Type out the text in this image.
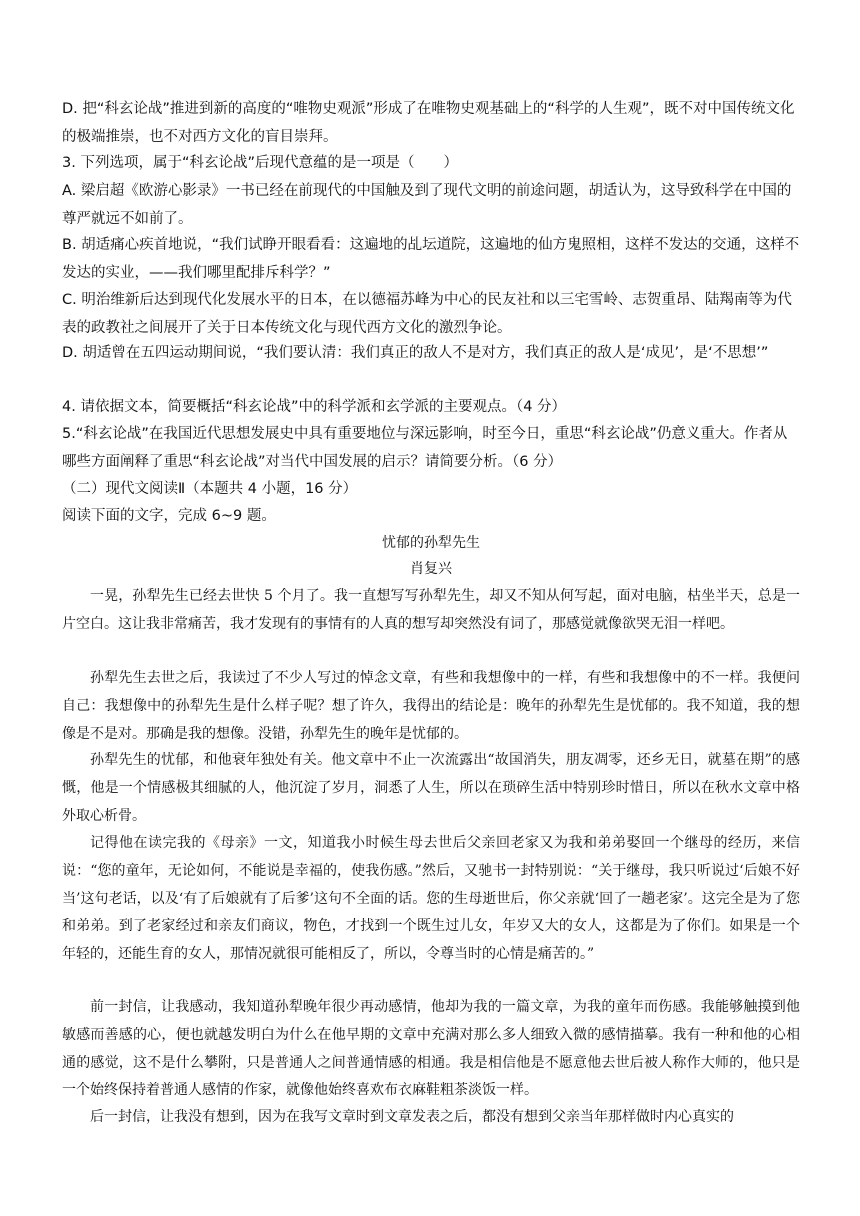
D. 把“科玄论战”推进到新的高度的“唯物史观派”形成了在唯物史观基础上的“科学的人生观”，既不对中国传统文化的极端推崇，也不对西方文化的盲目崇拜。

3. 下列选项，属于“科玄论战”后现代意蕴的是一项是（　　）

A. 梁启超《欧游心影录》一书已经在前现代的中国触及到了现代文明的前途问题，胡适认为，这导致科学在中国的尊严就远不如前了。

B. 胡适痛心疾首地说，“我们试睁开眼看看：这遍地的乩坛道院，这遍地的仙方鬼照相，这样不发达的交通，这样不发达的实业，——我们哪里配排斥科学？”

C. 明治维新后达到现代化发展水平的日本，在以德福苏峰为中心的民友社和以三宅雪岭、志贺重昂、陆羯南等为代表的政教社之间展开了关于日本传统文化与现代西方文化的激烈争论。

D. 胡适曾在五四运动期间说，“我们要认清：我们真正的敌人不是对方，我们真正的敌人是‘成见’，是‘不思想’”

4. 请依据文本，简要概括“科玄论战”中的科学派和玄学派的主要观点。（4 分）

5.“科玄论战”在我国近代思想发展史中具有重要地位与深远影响，时至今日，重思“科玄论战”仍意义重大。作者从哪些方面阐释了重思“科玄论战”对当代中国发展的启示？请简要分析。（6 分）

（二）现代文阅读Ⅱ（本题共 4 小题，16 分）

阅读下面的文字，完成 6~9 题。

忧郁的孙犁先生

肖复兴

一晃，孙犁先生已经去世快 5 个月了。我一直想写写孙犁先生，却又不知从何写起，面对电脑，枯坐半天，总是一片空白。这让我非常痛苦，我才发现有的事情有的人真的想写却突然没有词了，那感觉就像欲哭无泪一样吧。

孙犁先生去世之后，我读过了不少人写过的悼念文章，有些和我想像中的一样，有些和我想像中的不一样。我便问自己：我想像中的孙犁先生是什么样子呢？想了许久，我得出的结论是：晚年的孙犁先生是忧郁的。我不知道，我的想像是不是对。那确是我的想像。没错，孙犁先生的晚年是忧郁的。

孙犁先生的忧郁，和他衰年独处有关。他文章中不止一次流露出“故国消失，朋友凋零，还乡无日，就墓在期”的感慨，他是一个情感极其细腻的人，他沉淀了岁月，洞悉了人生，所以在琐碎生活中特别珍时惜日，所以在秋水文章中格外取心析骨。

记得他在读完我的《母亲》一文，知道我小时候生母去世后父亲回老家又为我和弟弟娶回一个继母的经历，来信说：“您的童年，无论如何，不能说是幸福的，使我伤感。”然后，又驰书一封特别说：“关于继母，我只听说过‘后娘不好当’这句老话，以及‘有了后娘就有了后爹’这句不全面的话。您的生母逝世后，你父亲就‘回了一趟老家’。这完全是为了您和弟弟。到了老家经过和亲友们商议，物色，才找到一个既生过儿女，年岁又大的女人，这都是为了你们。如果是一个年轻的，还能生育的女人，那情况就很可能相反了，所以，令尊当时的心情是痛苦的。”

前一封信，让我感动，我知道孙犁晚年很少再动感情，他却为我的一篇文章，为我的童年而伤感。我能够触摸到他敏感而善感的心，便也就越发明白为什么在他早期的文章中充满对那么多人细致入微的感情描摹。我有一种和他的心相通的感觉，这不是什么攀附，只是普通人之间普通情感的相通。我是相信他是不愿意他去世后被人称作大师的，他只是一个始终保持着普通人感情的作家，就像他始终喜欢布衣麻鞋粗茶淡饭一样。

后一封信，让我没有想到，因为在我写文章时到文章发表之后，都没有想到父亲当年那样做时内心真实的
